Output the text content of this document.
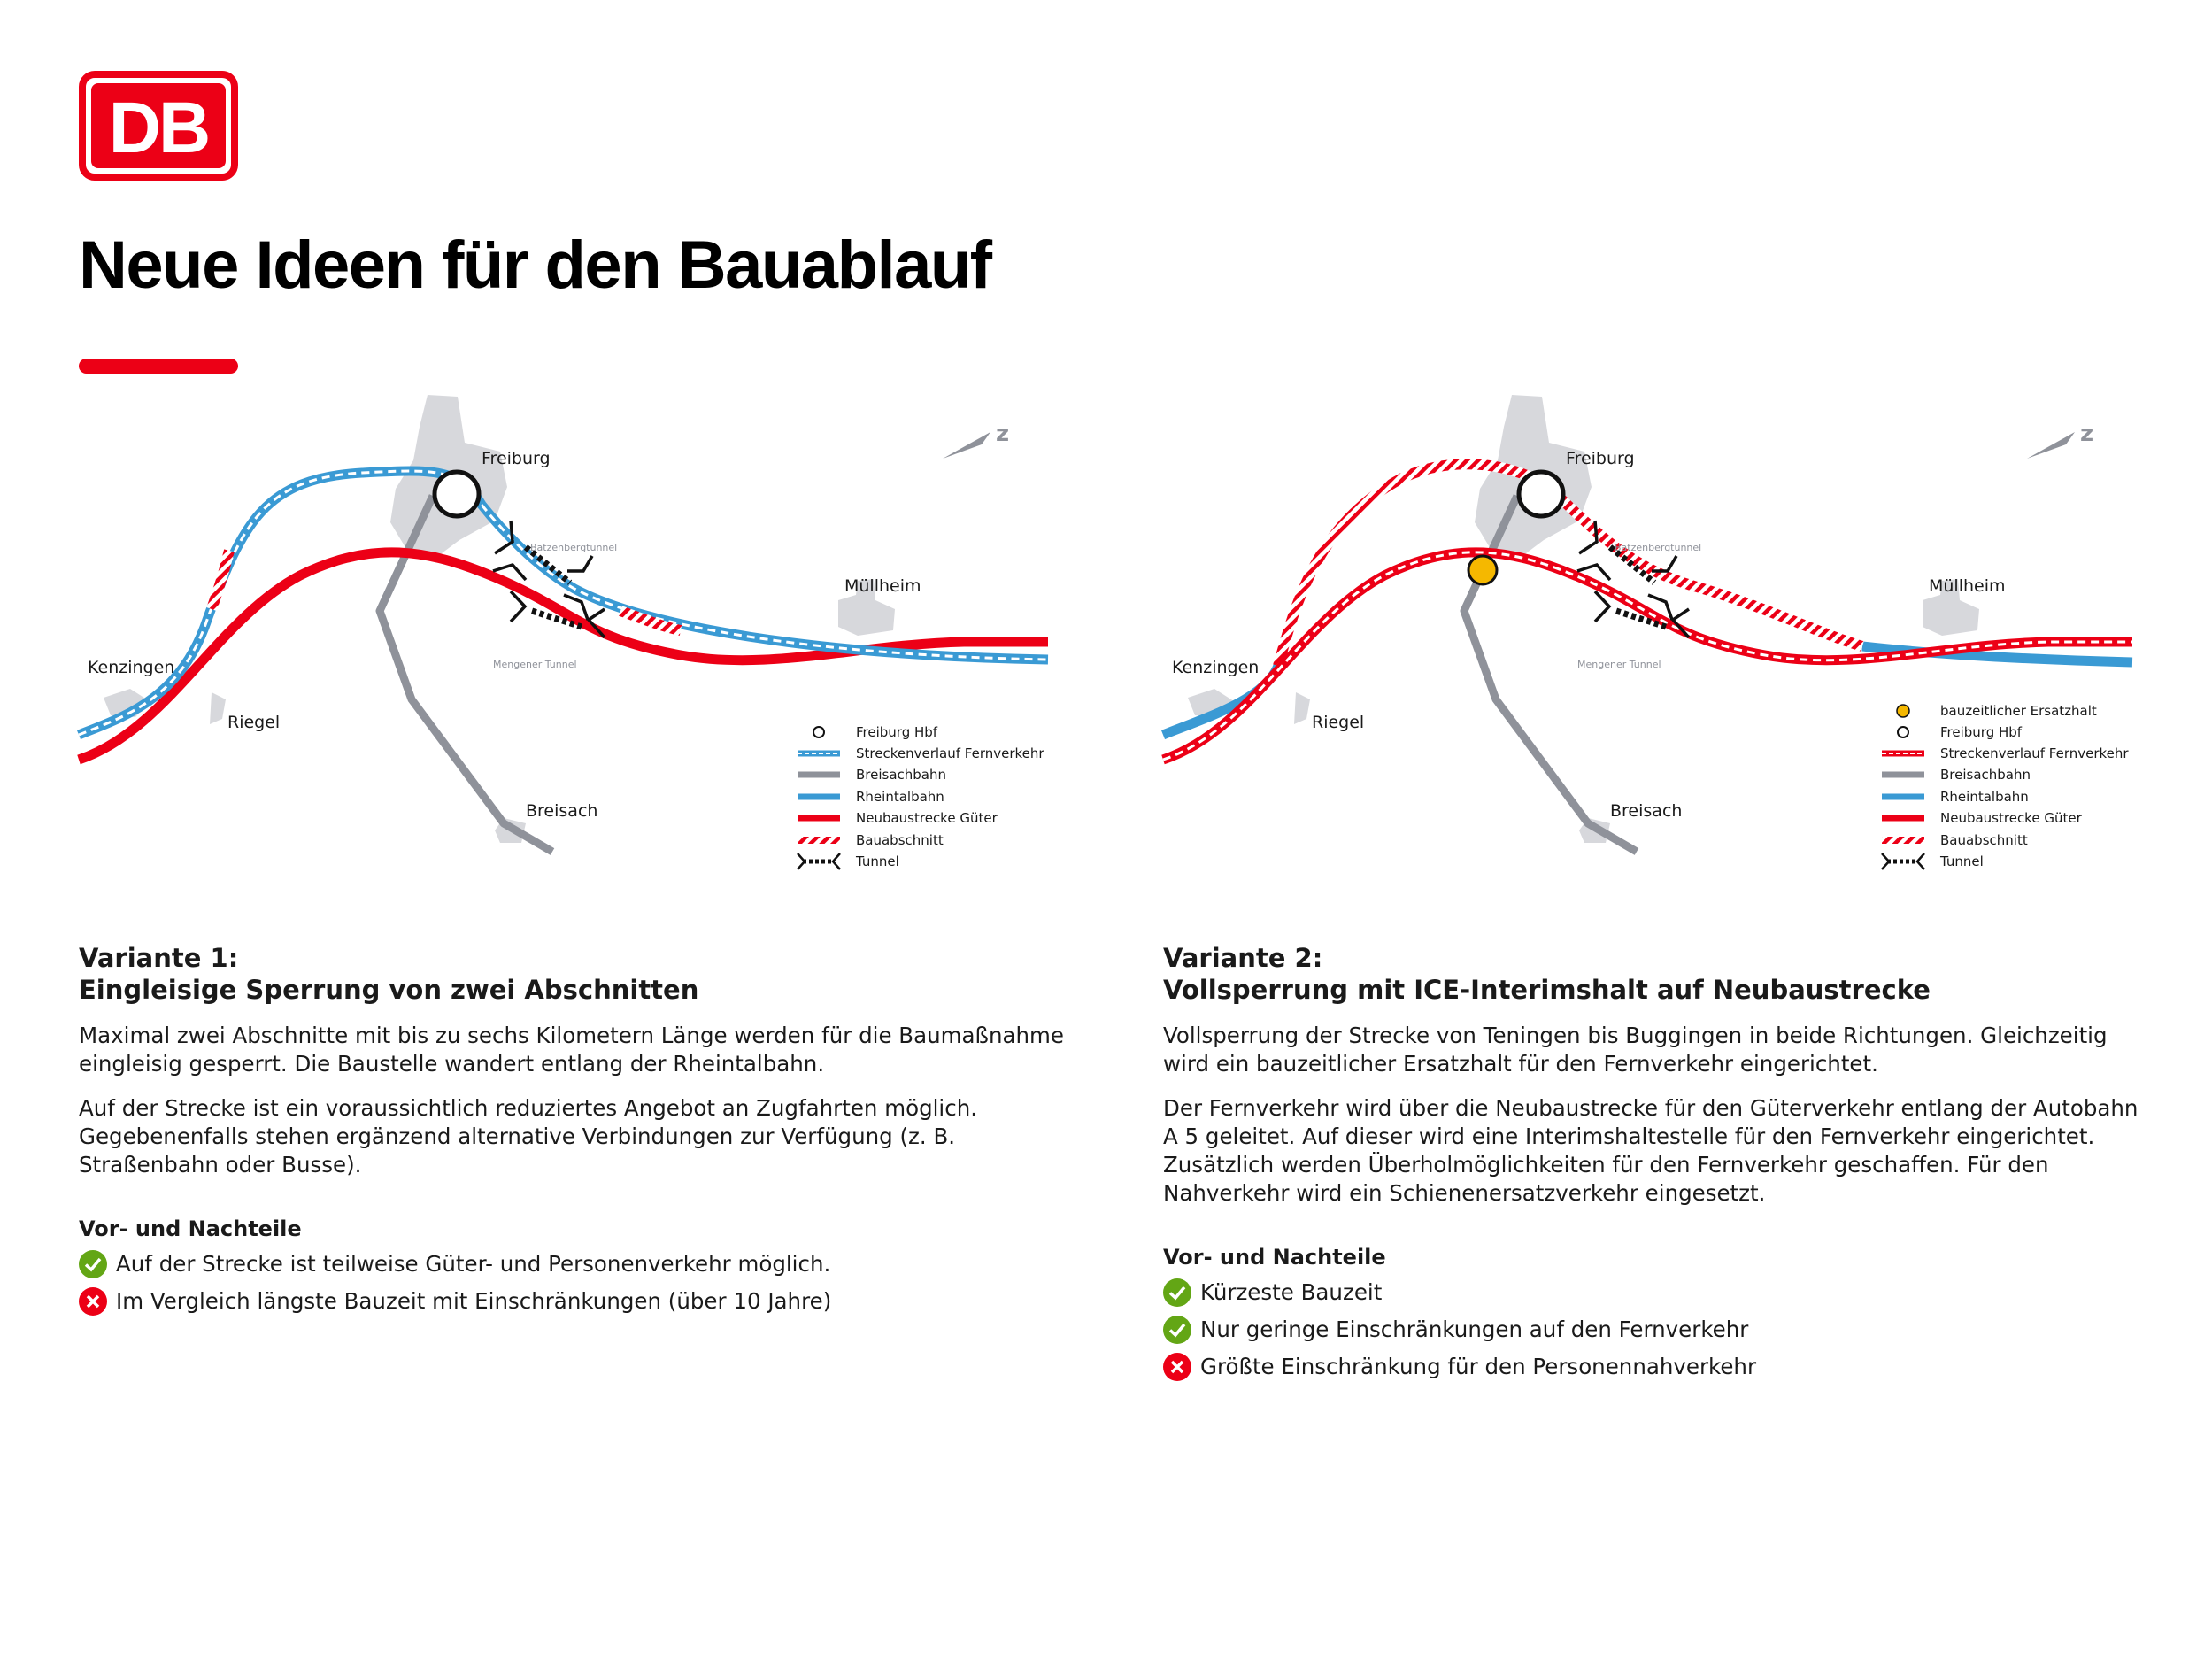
DB
Neue Ideen für den Bauablauf
z
Freiburg
Kenzingen
Riegel
Breisach
Müllheim
Batzenbergtunnel
Mengener Tunnel
Freiburg Hbf
Streckenverlauf Fernverkehr
Breisachbahn
Rheintalbahn
Neubaustrecke Güter
Bauabschnitt
Tunnel
z
Freiburg
Kenzingen
Riegel
Breisach
Müllheim
Batzenbergtunnel
Mengener Tunnel
bauzeitlicher Ersatzhalt
Freiburg Hbf
Streckenverlauf Fernverkehr
Breisachbahn
Rheintalbahn
Neubaustrecke Güter
Bauabschnitt
Tunnel
Variante 1:
Eingleisige Sperrung von zwei Abschnitten

Maximal zwei Abschnitte mit bis zu sechs Kilometern Länge werden für die Baumaßnahme eingleisig gesperrt. Die Baustelle wandert entlang der Rheintalbahn.

Auf der Strecke ist ein voraussichtlich reduziertes Angebot an Zugfahrten möglich. Gegebenenfalls stehen ergänzend alternative Verbindungen zur Verfügung (z. B. Straßenbahn oder Busse).

Vor- und Nachteile
Auf der Strecke ist teilweise Güter- und Personenverkehr möglich.
Im Vergleich längste Bauzeit mit Einschränkungen (über 10 Jahre)
Variante 2:
Vollsperrung mit ICE-Interimshalt auf Neubaustrecke

Vollsperrung der Strecke von Teningen bis Buggingen in beide Richtungen. Gleichzeitig wird ein bauzeitlicher Ersatzhalt für den Fernverkehr eingerichtet.

Der Fernverkehr wird über die Neubaustrecke für den Güterverkehr entlang der Autobahn A 5 geleitet. Auf dieser wird eine Interimshaltestelle für den Fernverkehr eingerichtet. Zusätzlich werden Überholmöglichkeiten für den Fernverkehr geschaffen. Für den Nahverkehr wird ein Schienenersatzverkehr eingesetzt.

Vor- und Nachteile
Kürzeste Bauzeit
Nur geringe Einschränkungen auf den Fernverkehr
Größte Einschränkung für den Personennahverkehr
